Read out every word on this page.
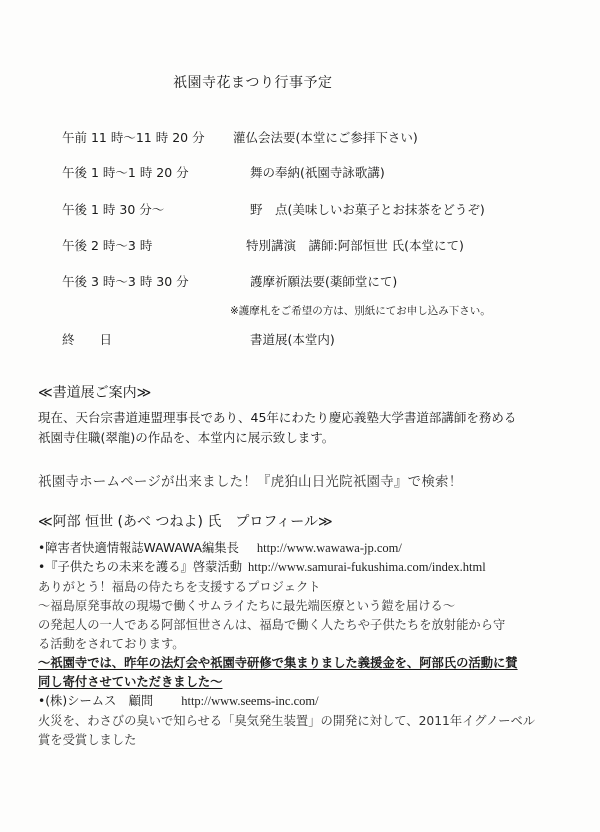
祇園寺花まつり行事予定
午前 11 時～11 時 20 分 灌仏会法要(本堂にご参拝下さい)
午後 1 時～1 時 20 分	舞の奉納(祇園寺詠歌講)
午後 1 時 30 分～	野　点(美味しいお菓子とお抹茶をどうぞ)
午後 2 時～3 時	特別講演　講師:阿部恒世 氏(本堂にて)
午後 3 時～3 時 30 分	護摩祈願法要(薬師堂にて)
※護摩札をご希望の方は、別紙にてお申し込み下さい。
終　　日	書道展(本堂内)
≪書道展ご案内≫
現在、天台宗書道連盟理事長であり、45年にわたり慶応義塾大学書道部講師を務める
祇園寺住職(翠龍)の作品を、本堂内に展示致します。
祇園寺ホームページが出来ました！『虎狛山日光院祇園寺』で検索！
≪阿部 恒世 (あべ つねよ) 氏　プロフィール≫
•障害者快適情報誌WAWAWA編集長 http://www.wawawa-jp.com/
•『子供たちの未来を護る』啓蒙活動 http://www.samurai-fukushima.com/index.html
ありがとう！福島の侍たちを支援するプロジェクト
～福島原発事故の現場で働くサムライたちに最先端医療という鎧を届ける～
の発起人の一人である阿部恒世さんは、福島で働く人たちや子供たちを放射能から守
る活動をされております。
～祇園寺では、昨年の法灯会や祇園寺研修で集まりました義援金を、阿部氏の活動に賛
同し寄付させていただきました～
•(株)シームス　顧問 http://www.seems-inc.com/
火災を、わさびの臭いで知らせる「臭気発生装置」の開発に対して、2011年イグノーベル
賞を受賞しました
